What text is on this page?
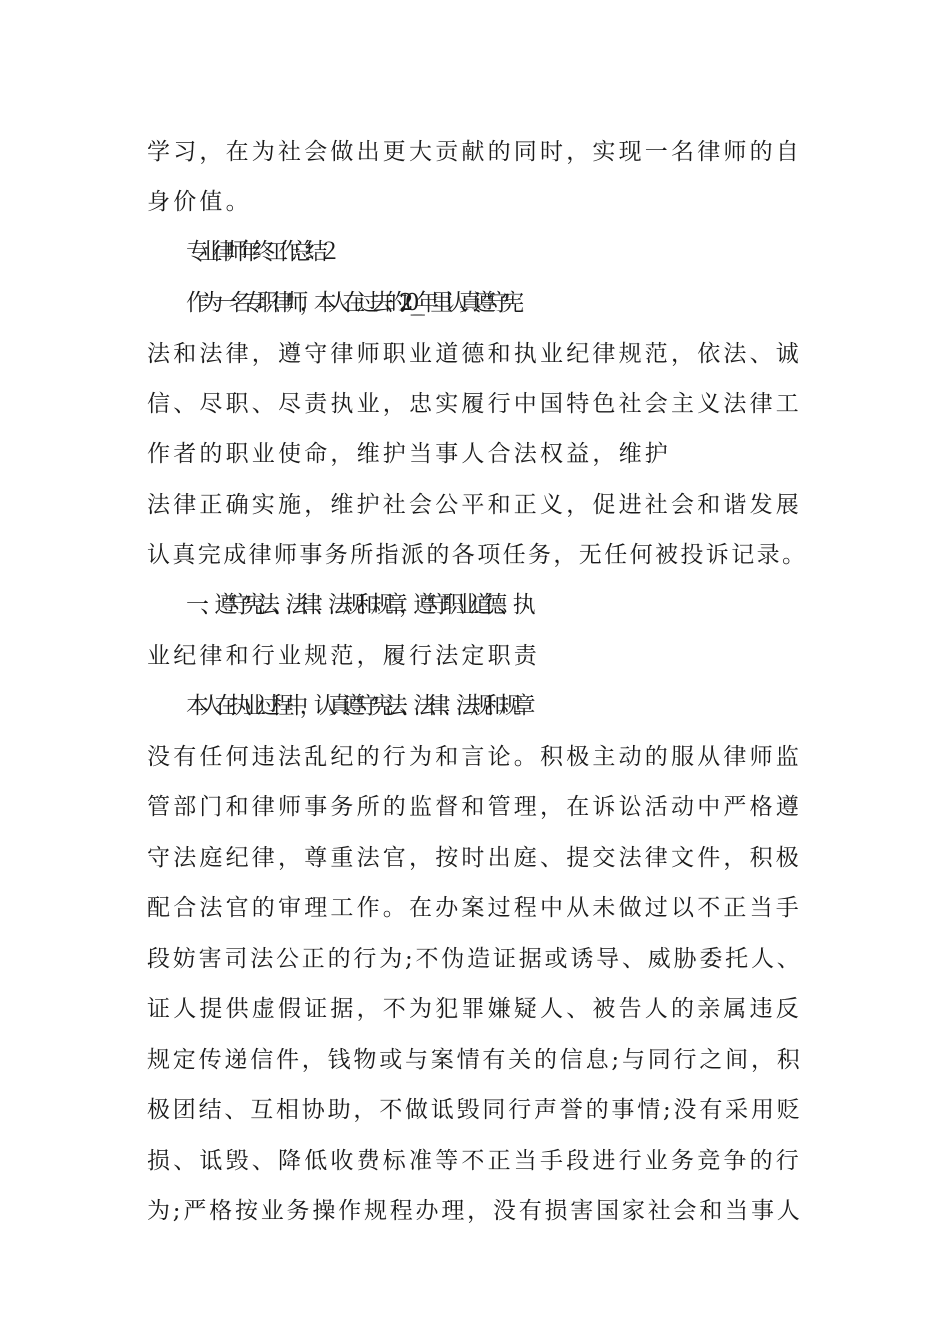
学习，在为社会做出更大贡献的同时，实现一名律师的自
身价值。
专业律师年终工作总结２
作为一名专职律师，本人在过去的20__年里认真遵守宪
法和法律，遵守律师职业道德和执业纪律规范，依法、诚
信、尽职、尽责执业，忠实履行中国特色社会主义法律工
作者的职业使命，维护当事人合法权益，维护
法律正确实施，维护社会公平和正义，促进社会和谐发展
认真完成律师事务所指派的各项任务，无任何被投诉记录。
一、遵守宪法、法律、法规和规章，遵守职业道德、执
业纪律和行业规范，履行法定职责
本人在执业过程中，认真遵守宪法、法律、法规和规章
没有任何违法乱纪的行为和言论。积极主动的服从律师监
管部门和律师事务所的监督和管理，在诉讼活动中严格遵
守法庭纪律，尊重法官，按时出庭、提交法律文件，积极
配合法官的审理工作。在办案过程中从未做过以不正当手
段妨害司法公正的行为;不伪造证据或诱导、威胁委托人、
证人提供虚假证据，不为犯罪嫌疑人、被告人的亲属违反
规定传递信件，钱物或与案情有关的信息;与同行之间，积
极团结、互相协助，不做诋毁同行声誉的事情;没有采用贬
损、诋毁、降低收费标准等不正当手段进行业务竞争的行
为;严格按业务操作规程办理，没有损害国家社会和当事人
